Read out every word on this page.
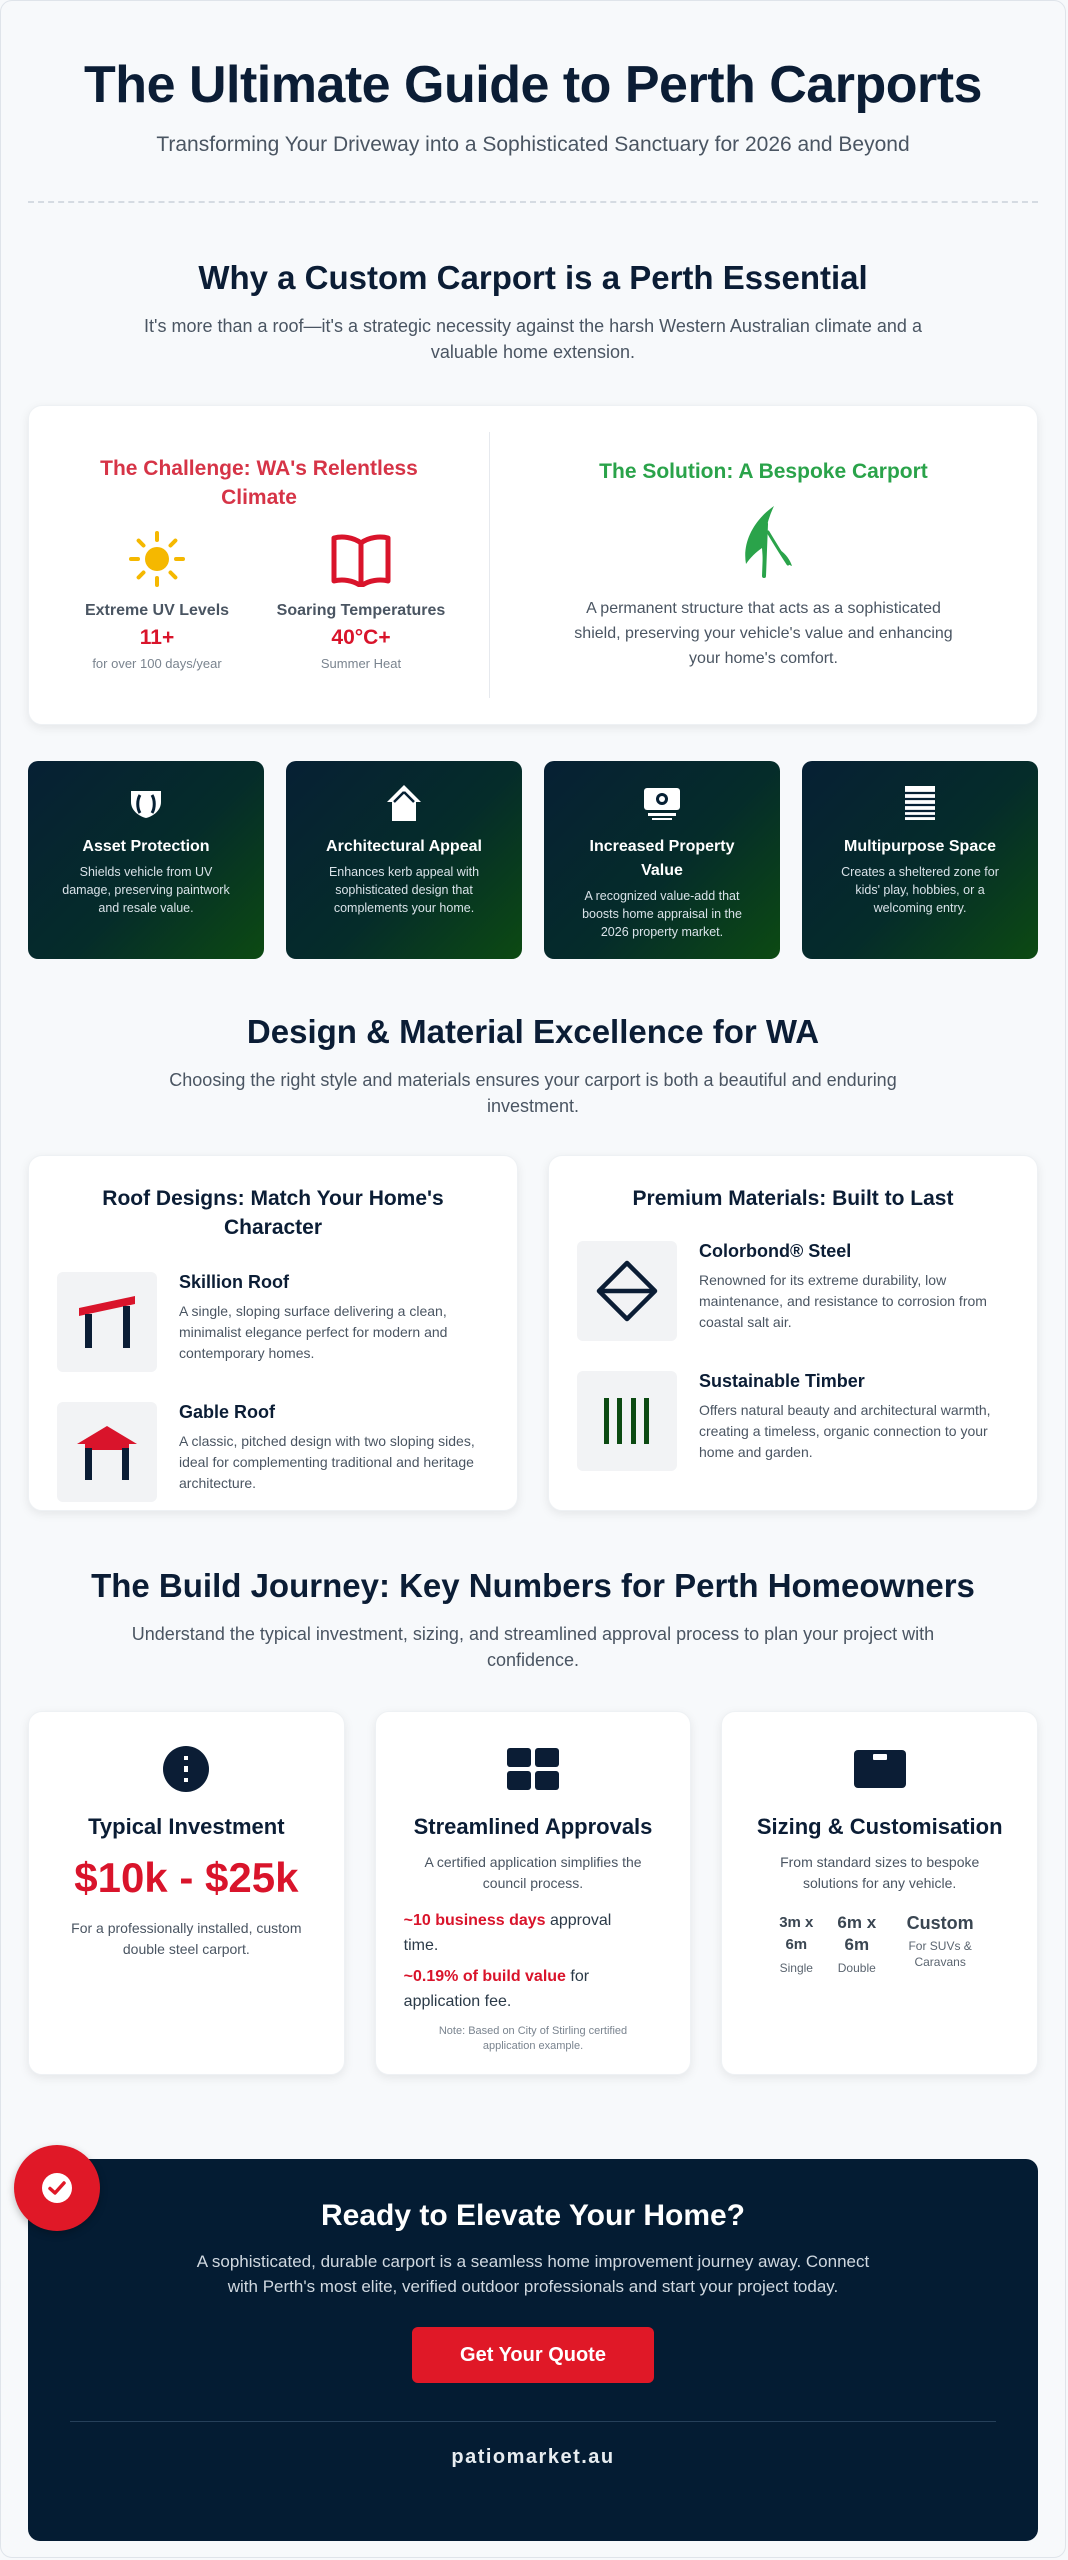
The Ultimate Guide to Perth Carports

Transforming Your Driveway into a Sophisticated Sanctuary for 2026 and Beyond

Why a Custom Carport is a Perth Essential

It's more than a roof—it's a strategic necessity against the harsh Western Australian climate and a valuable home extension.

The Challenge: WA's Relentless Climate
Extreme UV Levels
11+
for over 100 days/year
Soaring Temperatures
40°C+
Summer Heat
The Solution: A Bespoke Carport

A permanent structure that acts as a sophisticated shield, preserving your vehicle's value and enhancing your home's comfort.

Asset Protection

Shields vehicle from UV damage, preserving paintwork and resale value.

Architectural Appeal

Enhances kerb appeal with sophisticated design that complements your home.

Increased Property Value

A recognized value-add that boosts home appraisal in the 2026 property market.

Multipurpose Space

Creates a sheltered zone for kids' play, hobbies, or a welcoming entry.

Design & Material Excellence for WA

Choosing the right style and materials ensures your carport is both a beautiful and enduring investment.

Roof Designs: Match Your Home's Character
Skillion Roof

A single, sloping surface delivering a clean, minimalist elegance perfect for modern and contemporary homes.

Gable Roof

A classic, pitched design with two sloping sides, ideal for complementing traditional and heritage architecture.

Premium Materials: Built to Last
Colorbond® Steel

Renowned for its extreme durability, low maintenance, and resistance to corrosion from coastal salt air.

Sustainable Timber

Offers natural beauty and architectural warmth, creating a timeless, organic connection to your home and garden.

The Build Journey: Key Numbers for Perth Homeowners

Understand the typical investment, sizing, and streamlined approval process to plan your project with confidence.

Typical Investment
$10k - $25k

For a professionally installed, custom double steel carport.

Streamlined Approvals

A certified application simplifies the council process.

~10 business days approval time.
~0.19% of build value for application fee.
Note: Based on City of Stirling certified application example.
Sizing & Customisation

From standard sizes to bespoke solutions for any vehicle.

3m x
6m
Single
6m x
6m
Double
Custom
For SUVs & Caravans
Ready to Elevate Your Home?

A sophisticated, durable carport is a seamless home improvement journey away. Connect with Perth's most elite, verified outdoor professionals and start your project today.

Get Your Quote
patiomarket.au
